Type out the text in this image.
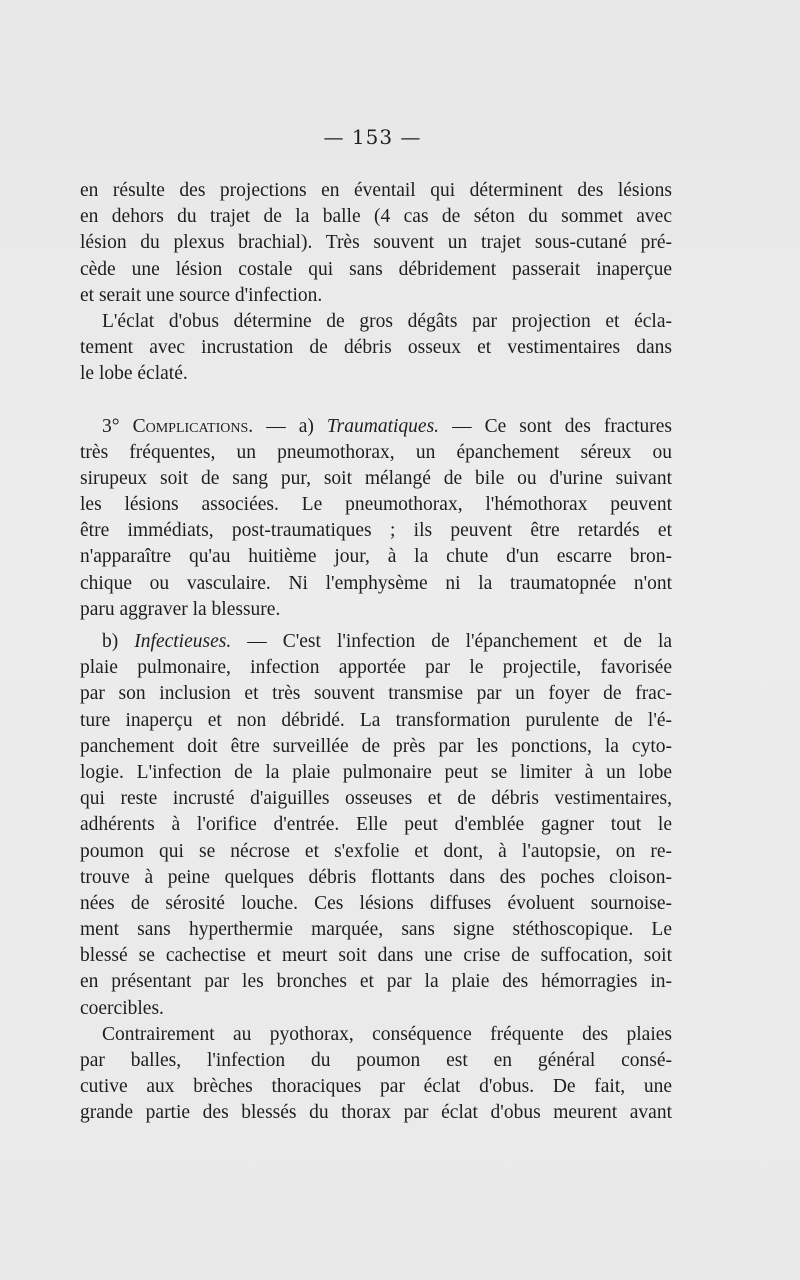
— 153 —
en résulte des projections en éventail qui déterminent des lésions
en dehors du trajet de la balle (4 cas de séton du sommet avec
lésion du plexus brachial). Très souvent un trajet sous-cutané pré-
cède une lésion costale qui sans débridement passerait inaperçue
et serait une source d'infection.
L'éclat d'obus détermine de gros dégâts par projection et écla-
tement avec incrustation de débris osseux et vestimentaires dans
le lobe éclaté.
3° Complications. — a) Traumatiques. — Ce sont des fractures
très fréquentes, un pneumothorax, un épanchement séreux ou
sirupeux soit de sang pur, soit mélangé de bile ou d'urine suivant
les lésions associées. Le pneumothorax, l'hémothorax peuvent
être immédiats, post-traumatiques ; ils peuvent être retardés et
n'apparaître qu'au huitième jour, à la chute d'un escarre bron-
chique ou vasculaire. Ni l'emphysème ni la traumatopnée n'ont
paru aggraver la blessure.
b) Infectieuses. — C'est l'infection de l'épanchement et de la
plaie pulmonaire, infection apportée par le projectile, favorisée
par son inclusion et très souvent transmise par un foyer de frac-
ture inaperçu et non débridé. La transformation purulente de l'é-
panchement doit être surveillée de près par les ponctions, la cyto-
logie. L'infection de la plaie pulmonaire peut se limiter à un lobe
qui reste incrusté d'aiguilles osseuses et de débris vestimentaires,
adhérents à l'orifice d'entrée. Elle peut d'emblée gagner tout le
poumon qui se nécrose et s'exfolie et dont, à l'autopsie, on re-
trouve à peine quelques débris flottants dans des poches cloison-
nées de sérosité louche. Ces lésions diffuses évoluent sournoise-
ment sans hyperthermie marquée, sans signe stéthoscopique. Le
blessé se cachectise et meurt soit dans une crise de suffocation, soit
en présentant par les bronches et par la plaie des hémorragies in-
coercibles.
Contrairement au pyothorax, conséquence fréquente des plaies
par balles, l'infection du poumon est en général consé-
cutive aux brèches thoraciques par éclat d'obus. De fait, une
grande partie des blessés du thorax par éclat d'obus meurent avant
